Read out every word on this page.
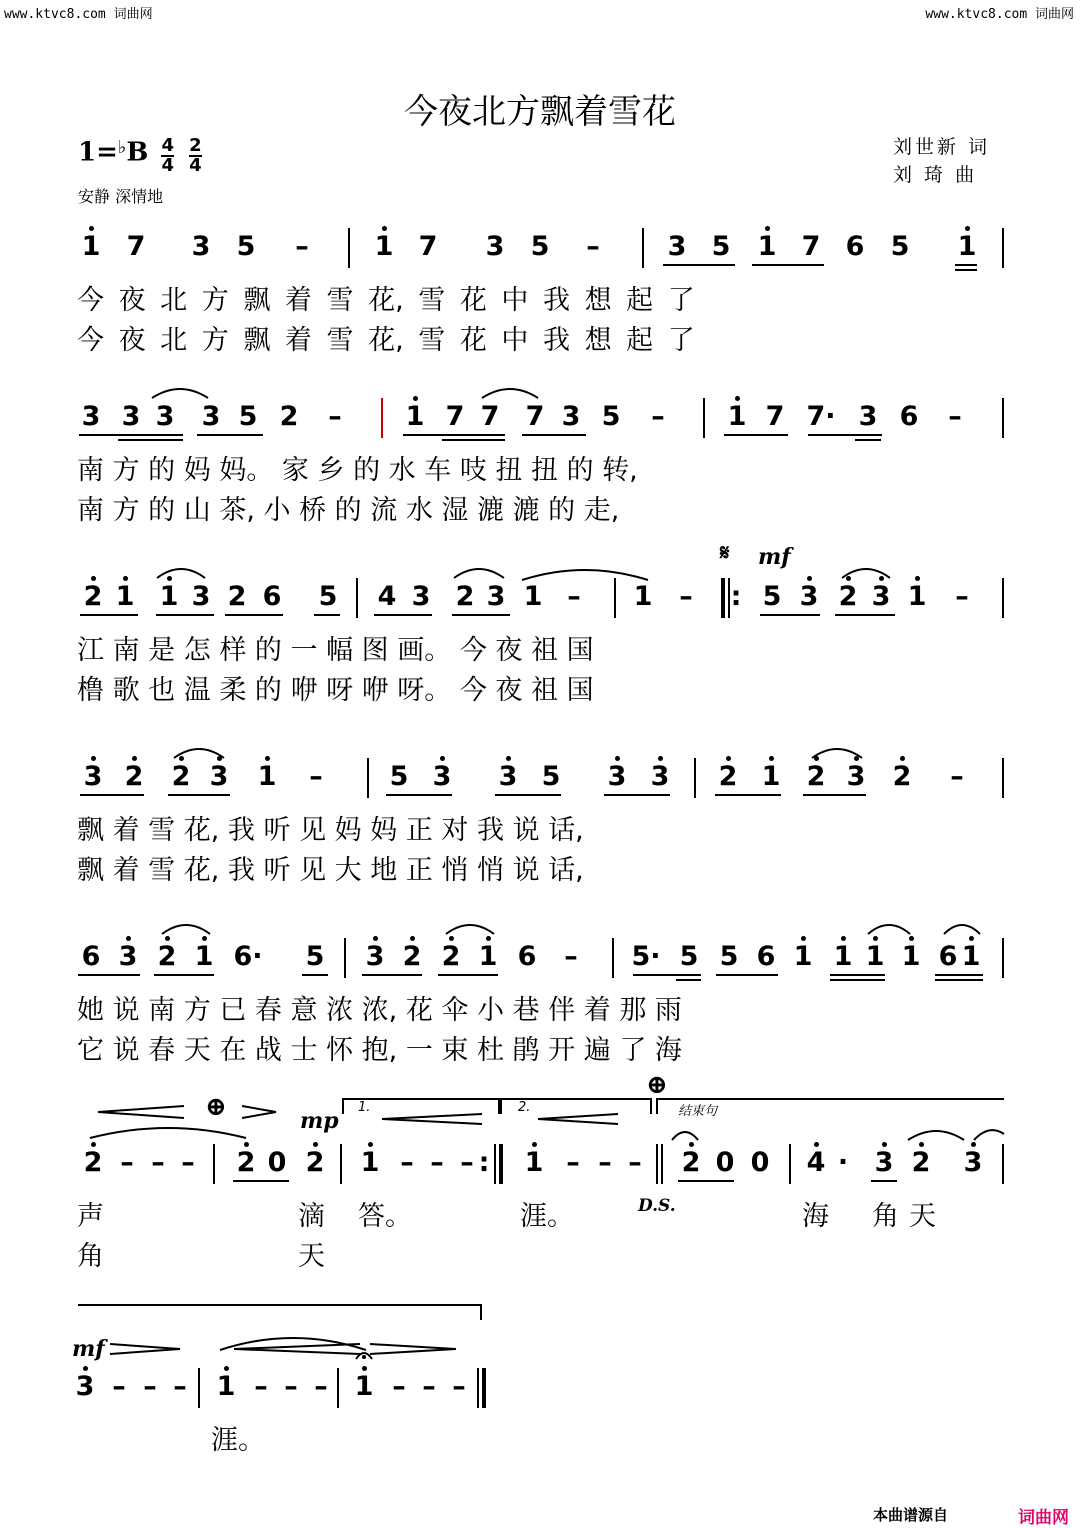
www.ktvc8.com 词曲网	www.ktvc8.com 词曲网
今夜北方飘着雪花
刘世新 词
刘 琦 曲
1=♭B $\frac{4}{4}$
$\frac{2}{4}$
安静 深情地
1 7 3 5	–	1 7 3 5	–	3 5 1 7 6 5 1
今 夜 北 方 飘 着 雪 花, 雪 花 中 我 想 起 了
今 夜 北 方 飘 着 雪 花, 雪 花 中 我 想 起 了
3 3 3 3 5 2	–	1 7 7 7 3 5	–	1 7 7· 3 6	–
南 方 的 妈 妈。 家 乡 的 水 车 吱 扭 扭 的 转,
南 方 的 山 茶, 小 桥 的 流 水 湿 漉 漉 的 走,
𝄋 mf
2 1 1 3 2 6 5 4 3 2 3 1 –	1 –	: 5 3 2 3 1	–
江 南 是 怎 样 的 一 幅 图 画。 今 夜 祖 国
橹 歌 也 温 柔 的 咿 呀 咿 呀。 今 夜 祖 国
3 2 2 3 1	–	5 3 3 5 3 3 2 1 2 3 2	–
飘 着 雪 花, 我 听 见 妈 妈 正 对 我 说 话,
飘 着 雪 花, 我 听 见 大 地 正 悄 悄 说 话,
6 3 2 1 6· 5 3 2 2 1 6	–	5· 5 5 6 1 1 1 1 6 1
她 说 南 方 已 春 意 浓 浓, 花 伞 小 巷 伴 着 那 雨
它 说 春 天 在 战 士 怀 抱, 一 束 杜 鹃 开 遍 了 海
⊕	mp
1.	2.
⊕
结束句
2 – – –	2 0 2 1 – – – : 1 – – –	2 0 0 4 · 3 2 3
声	滴 答。	涯。	D.S.	海 角 天
角	天
mf
3 – – –	1 – – – 1 – – –
涯。
本曲谱源自	词曲网
